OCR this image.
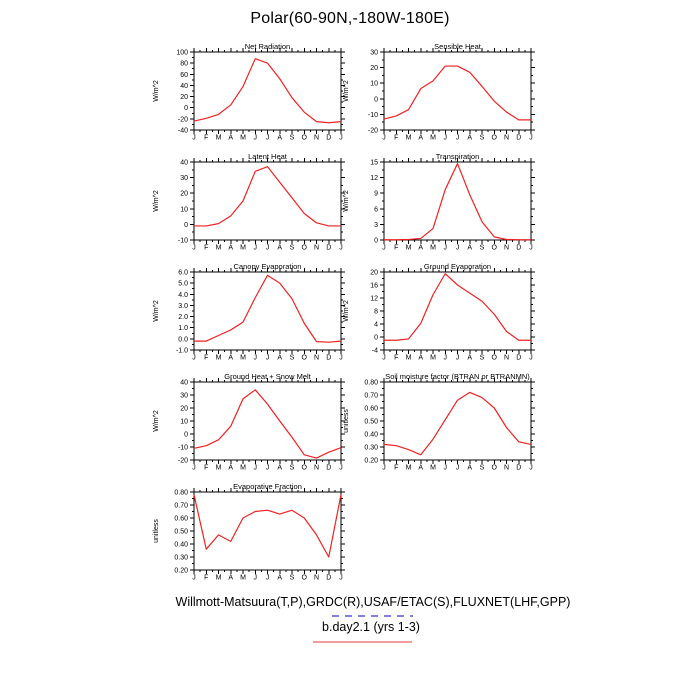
Polar(60-90N,-180W-180E)
Net Radiation
W/m^2
J F M A M J J A S O N D J
-40
-20
0
20
40
60
80
100
Sensible Heat
W/m^2
J F M A M J J A S O N D J
-20
-10
0
10
20
30
Latent Heat
W/m^2
J F M A M J J A S O N D J
-10
0
10
20
30
40
Transpiration
W/m^2
J F M A M J J A S O N D J
0
3
6
9
12
15
Canopy Evaporation
W/m^2
J F M A M J J A S O N D J
-1.0
0.0
1.0
2.0
3.0
4.0
5.0
6.0
Ground Evaporation
W/m^2
J F M A M J J A S O N D J
-4
0
4
8
12
16
20
Ground Heat + Snow Melt
W/m^2
J F M A M J J A S O N D J
-20
-10
0
10
20
30
40
Soil moisture factor (BTRAN or BTRANMN)
unitless
J F M A M J J A S O N D J
0.20
0.30
0.40
0.50
0.60
0.70
0.80
Evaporative Fraction
unitless
J F M A M J J A S O N D J
0.20
0.30
0.40
0.50
0.60
0.70
0.80
Willmott-Matsuura(T,P),GRDC(R),USAF/ETAC(S),FLUXNET(LHF,GPP)
b.day2.1 (yrs 1-3)
